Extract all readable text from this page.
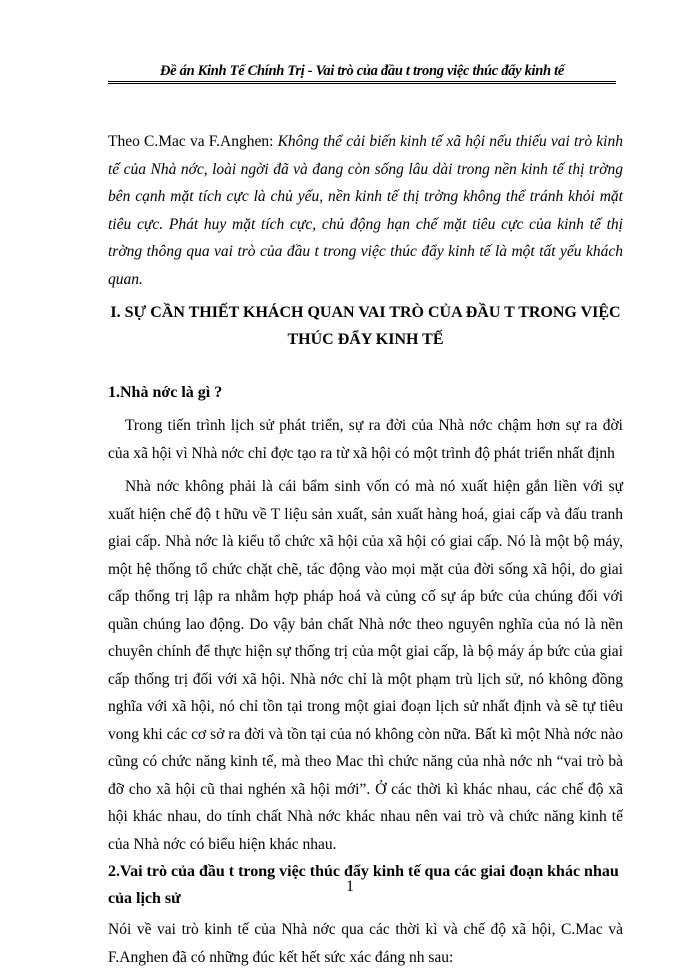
Đề án Kinh Tế Chính Trị - Vai trò của đầu t trong việc thúc đẩy kinh tế

Theo C.Mac va F.Anghen: Không thể cải biến kinh tế xã hội nếu thiếu vai trò kinh tế của Nhà nớc, loài ngời đã và đang còn sống lâu dài trong nền kinh tế thị trờng bên cạnh mặt tích cực là chủ yếu, nền kinh tế thị trờng không thể tránh khỏi mặt tiêu cực. Phát huy mặt tích cực, chủ động hạn chế mặt tiêu cực của kinh tế thị trờng thông qua vai trò của đầu t trong việc thúc đẩy kinh tế là một tất yếu khách quan.

I. SỰ CẦN THIẾT KHÁCH QUAN VAI TRÒ CỦA ĐẦU T TRONG VIỆC THÚC ĐẨY KINH TẾ
1.Nhà nớc là gì ?

Trong tiến trình lịch sử phát triển, sự ra đời của Nhà nớc chậm hơn sự ra đời của xã hội vì Nhà nớc chỉ đợc tạo ra từ xã hội có một trình độ phát triển nhất định

Nhà nớc không phải là cái bẩm sinh vốn có mà nó xuất hiện gắn liền với sự xuất hiện chế độ t hữu về T liệu sản xuất, sản xuất hàng hoá, giai cấp và đấu tranh giai cấp. Nhà nớc là kiểu tổ chức xã hội của xã hội có giai cấp. Nó là một bộ máy, một hệ thống tổ chức chặt chẽ, tác động vào mọi mặt của đời sống xã hội, do giai cấp thống trị lập ra nhằm hợp pháp hoá và củng cố sự áp bức của chúng đối với quần chúng lao động. Do vậy bản chất Nhà nớc theo nguyên nghĩa của nó là nền chuyên chính để thực hiện sự thống trị của một giai cấp, là bộ máy áp bức của giai cấp thống trị đối với xã hội. Nhà nớc chỉ là một phạm trù lịch sử, nó không đồng nghĩa với xã hội, nó chỉ tồn tại trong một giai đoạn lịch sử nhất định và sẽ tự tiêu vong khi các cơ sở ra đời và tồn tại của nó không còn nữa. Bất kì một Nhà nớc nào cũng có chức năng kinh tế, mà theo Mac thì chức năng của nhà nớc nh “vai trò bà đỡ cho xã hội cũ thai nghén xã hội mới”. Ở các thời kì khác nhau, các chế độ xã hội khác nhau, do tính chất Nhà nớc khác nhau nên vai trò và chức năng kinh tế của Nhà nớc có biểu hiện khác nhau.

2.Vai trò của đầu t trong việc thúc đẩy kinh tế qua các giai đoạn khác nhau của lịch sử

Nói về vai trò kinh tế của Nhà nớc qua các thời kì và chế độ xã hội, C.Mac và F.Anghen đã có những đúc kết hết sức xác đáng nh sau:

1
